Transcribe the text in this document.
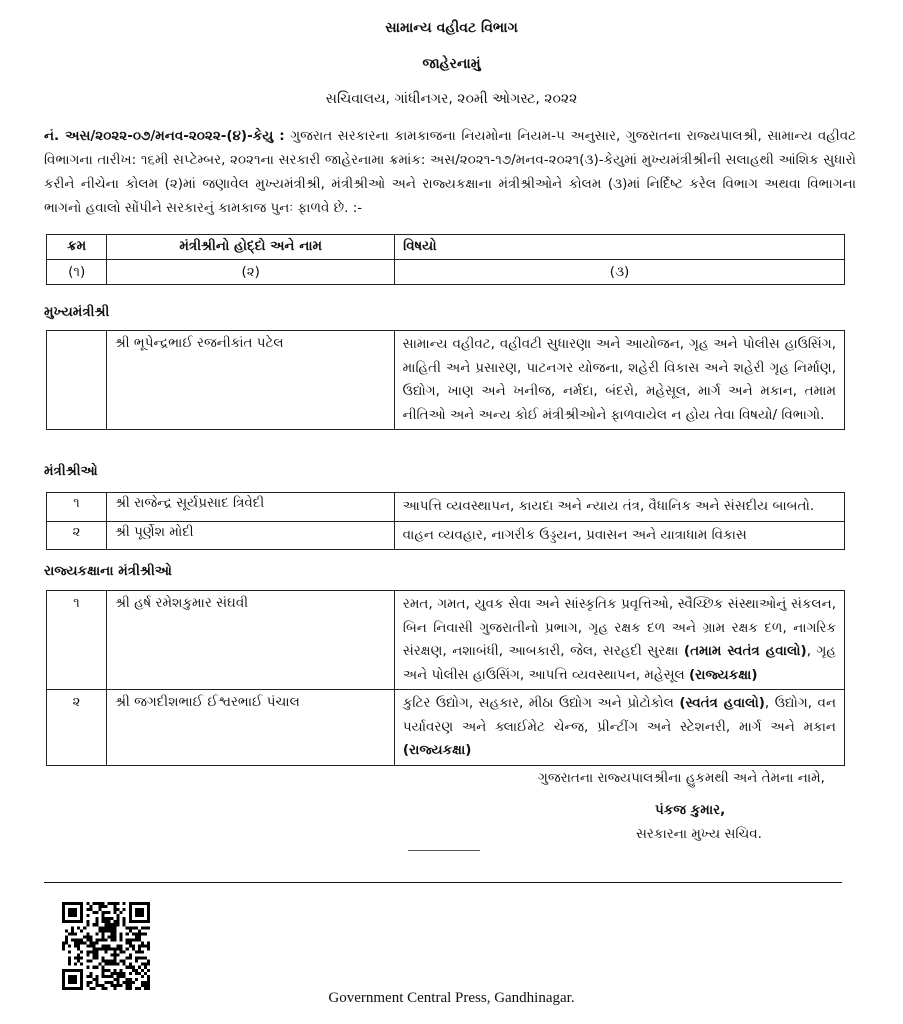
સામાન્ય વહીવટ વિભાગ
જાહેરનામું
સચિવાલય, ગાંધીનગર, ૨૦મી ઓગસ્ટ, ૨૦૨૨
નં. અસ/૨૦૨૨-૦૭/મનવ-૨૦૨૨-(૪)-કેયુ : ગુજરાત સરકારના કામકાજના નિયમોના નિયમ-૫ અનુસાર, ગુજરાતના રાજ્યપાલશ્રી, સામાન્ય વહીવટ વિભાગના તારીખ: ૧૬મી સપ્ટેમ્બર, ૨૦૨૧ના સરકારી જાહેરનામા ક્રમાંક: અસ/૨૦૨૧-૧૭/મનવ-૨૦૨૧(૩)-કેયુમાં મુખ્યમંત્રીશ્રીની સલાહથી આંશિક સુધારો કરીને નીચેના કોલમ (૨)માં જણાવેલ મુખ્યમંત્રીશ્રી, મંત્રીશ્રીઓ અને રાજ્યકક્ષાના મંત્રીશ્રીઓને કોલમ (૩)માં નિર્દિષ્ટ કરેલ વિભાગ અથવા વિભાગના ભાગનો હવાલો સોંપીને સરકારનું કામકાજ પુનઃ ફાળવે છે. :-
ક્રમ	મંત્રીશ્રીનો હોદ્દો અને નામ	વિષયો
(૧)	(૨)	(૩)
મુખ્યમંત્રીશ્રી
	શ્રી ભૂપેન્દ્રભાઈ રજનીકાંત પટેલ	સામાન્ય વહીવટ, વહીવટી સુધારણા અને આયોજન, ગૃહ અને પોલીસ હાઉસિંગ, માહિતી અને પ્રસારણ, પાટનગર યોજના, શહેરી વિકાસ અને શહેરી ગૃહ નિર્માણ, ઉદ્યોગ, ખાણ અને ખનીજ, નર્મદા, બંદરો, મહેસૂલ, માર્ગ અને મકાન, તમામ નીતિઓ અને અન્ય કોઈ મંત્રીશ્રીઓને ફાળવાયેલ ન હોય તેવા વિષયો/ વિભાગો.
મંત્રીશ્રીઓ
૧	શ્રી રાજેન્દ્ર સૂર્યપ્રસાદ ત્રિવેદી	આપત્તિ વ્યવસ્થાપન, કાયદા અને ન્યાય તંત્ર, વૈધાનિક અને સંસદીય બાબતો.
૨	શ્રી પૂર્ણેશ મોદી	વાહન વ્યવહાર, નાગરીક ઉડ્ડયન, પ્રવાસન અને યાત્રાધામ વિકાસ
રાજ્યકક્ષાના મંત્રીશ્રીઓ
૧	શ્રી હર્ષ રમેશકુમાર સંઘવી	રમત, ગમત, યુવક સેવા અને સાંસ્કૃતિક પ્રવૃત્તિઓ, સ્વૈચ્છિક સંસ્થાઓનું સંકલન, બિન નિવાસી ગુજરાતીનો પ્રભાગ, ગૃહ રક્ષક દળ અને ગ્રામ રક્ષક દળ, નાગરિક સંરક્ષણ, નશાબંધી, આબકારી, જેલ, સરહદી સુરક્ષા (તમામ સ્વતંત્ર હવાલો), ગૃહ અને પોલીસ હાઉસિંગ, આપત્તિ વ્યવસ્થાપન, મહેસૂલ (રાજ્યકક્ષા)
૨	શ્રી જગદીશભાઈ ઈશ્વરભાઈ પંચાલ	કુટિર ઉદ્યોગ, સહકાર, મીઠા ઉદ્યોગ અને પ્રોટોકોલ (સ્વતંત્ર હવાલો), ઉદ્યોગ, વન પર્યાવરણ અને ક્લાઈમેટ ચેન્જ, પ્રીન્ટીંગ અને સ્ટેશનરી, માર્ગ અને મકાન (રાજ્યકક્ષા)
ગુજરાતના રાજ્યપાલશ્રીના હુકમથી અને તેમના નામે,
પંકજ કુમાર,
સરકારના મુખ્ય સચિવ.
Government Central Press, Gandhinagar.
